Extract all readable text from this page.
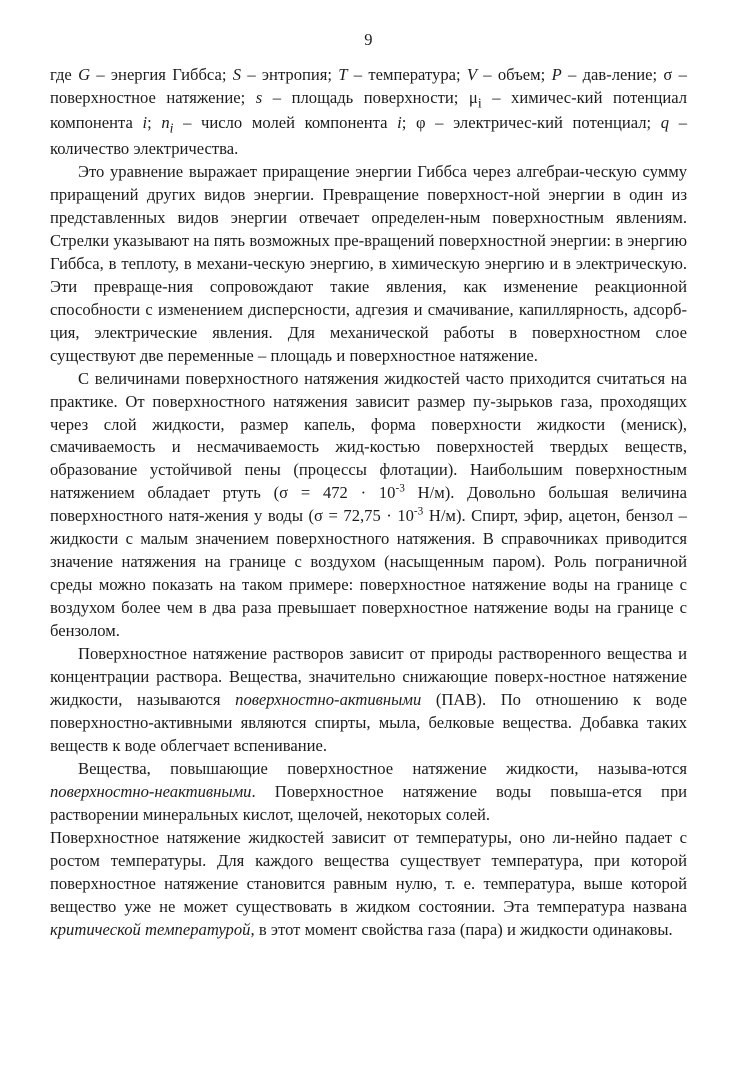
9

где G – энергия Гиббса; S – энтропия; T – температура; V – объем; P – дав-ление; σ – поверхностное натяжение; s – площадь поверхности; $\mu_i$ – химичес-кий потенциал компонента i; $n_i$ – число молей компонента i; φ – электричес-кий потенциал; q – количество электричества.

Это уравнение выражает приращение энергии Гиббса через алгебраи-ческую сумму приращений других видов энергии. Превращение поверхност-ной энергии в один из представленных видов энергии отвечает определен-ным поверхностным явлениям. Стрелки указывают на пять возможных пре-вращений поверхностной энергии: в энергию Гиббса, в теплоту, в механи-ческую энергию, в химическую энергию и в электрическую. Эти превраще-ния сопровождают такие явления, как изменение реакционной способности с изменением дисперсности, адгезия и смачивание, капиллярность, адсорб-ция, электрические явления. Для механической работы в поверхностном слое существуют две переменные – площадь и поверхностное натяжение.

С величинами поверхностного натяжения жидкостей часто приходится считаться на практике. От поверхностного натяжения зависит размер пу-зырьков газа, проходящих через слой жидкости, размер капель, форма поверхности жидкости (мениск), смачиваемость и несмачиваемость жид-костью поверхностей твердых веществ, образование устойчивой пены (процессы флотации). Наибольшим поверхностным натяжением обладает ртуть ($\sigma = 472 \cdot 10^{-3}$ Н/м). Довольно большая величина поверхностного натя-жения у воды ($\sigma = 72,75 \cdot 10^{-3}$ Н/м). Спирт, эфир, ацетон, бензол – жидкости с малым значением поверхностного натяжения. В справочниках приводится значение натяжения на границе с воздухом (насыщенным паром). Роль пограничной среды можно показать на таком примере: поверхностное натяжение воды на границе с воздухом более чем в два раза превышает поверхностное натяжение воды на границе с бензолом.

Поверхностное натяжение растворов зависит от природы растворенного вещества и концентрации раствора. Вещества, значительно снижающие поверх-ностное натяжение жидкости, называются поверхностно-активными (ПАВ). По отношению к воде поверхностно-активными являются спирты, мыла, белковые вещества. Добавка таких веществ к воде облегчает вспенивание.

Вещества, повышающие поверхностное натяжение жидкости, называ-ются поверхностно-неактивными. Поверхностное натяжение воды повыша-ется при растворении минеральных кислот, щелочей, некоторых солей.

Поверхностное натяжение жидкостей зависит от температуры, оно ли-нейно падает с ростом температуры. Для каждого вещества существует температура, при которой поверхностное натяжение становится равным нулю, т. е. температура, выше которой вещество уже не может существовать в жидком состоянии. Эта температура названа критической температурой, в этот момент свойства газа (пара) и жидкости одинаковы.
